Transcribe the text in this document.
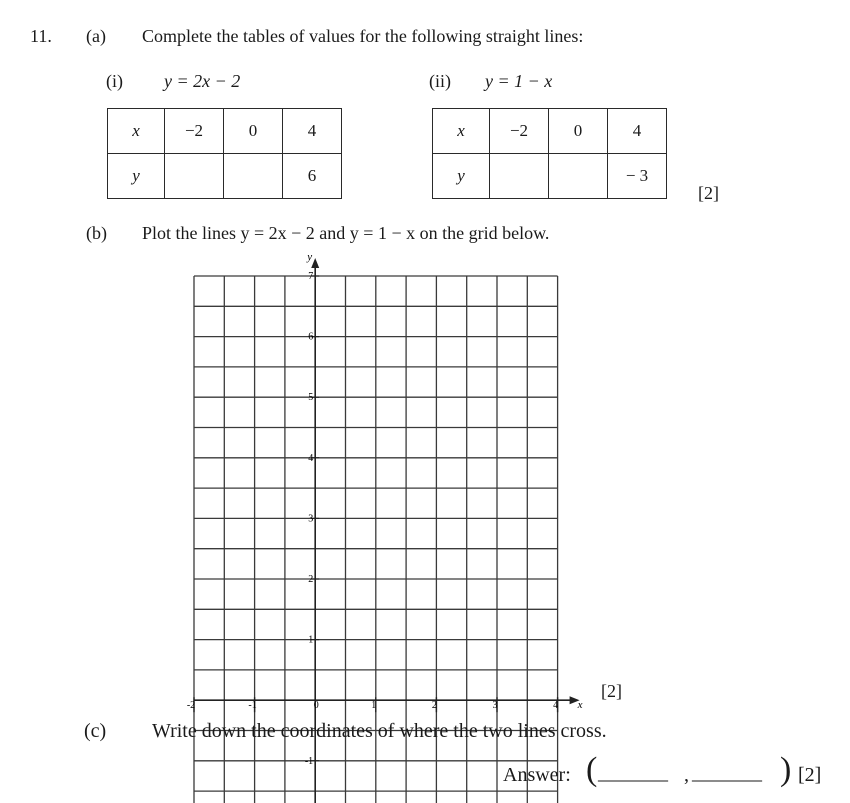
11. (a) Complete the tables of values for the following straight lines:
(i) y = 2x − 2	(ii) y = 1 − x
x	−2	0	4
y			6
x	−2	0	4
y			− 3
[2]
(b) Plot the lines y = 2x − 2 and y = 1 − x on the grid below.
x
y
-2	-1	0	1	2	3	4
7
6
5
4
3
2
1
-1
[2]
(c) Write down the coordinates of where the two lines cross.
Answer: ( _______ , _______ ) [2]
